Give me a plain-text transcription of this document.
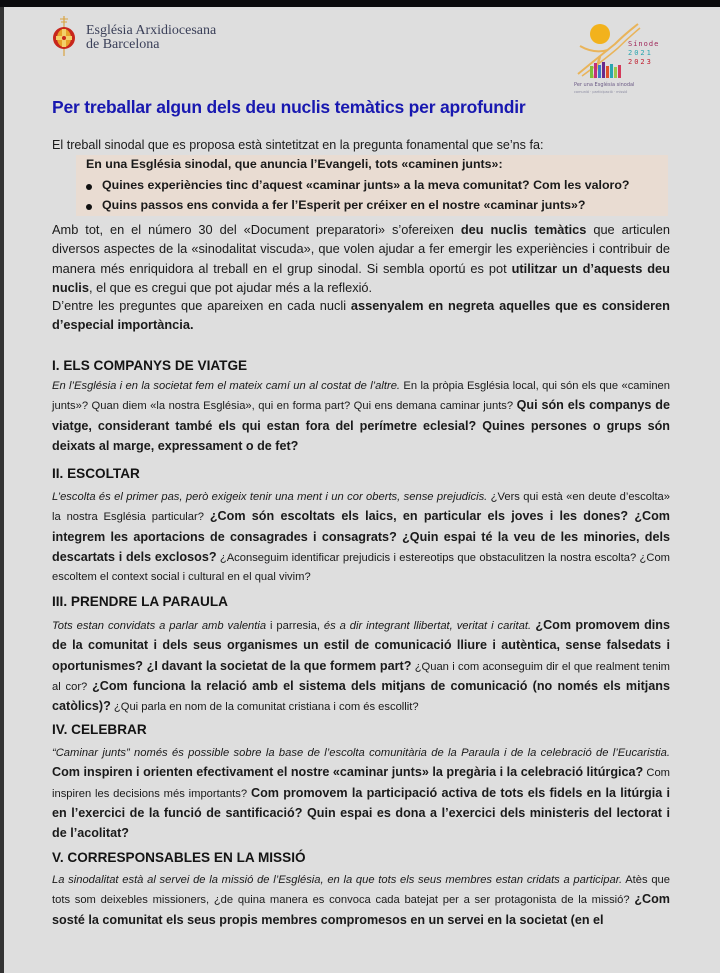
Església Arxidiocesana
de Barcelona	Sínode
2021
2023
Per una Església sinodal
comunió · participació · missió
Per treballar algun dels deu nuclis temàtics per aprofundir
El treball sinodal que es proposa està sintetitzat en la pregunta fonamental que se’ns fa:
En una Església sinodal, que anuncia l’Evangeli, tots «caminen junts»:
Quines experiències tinc d’aquest «caminar junts» a la meva comunitat? Com les valoro?
Quins passos ens convida a fer l’Esperit per créixer en el nostre «caminar junts»?
Amb tot, en el número 30 del «Document preparatori» s’ofereixen deu nuclis temàtics que articulen diversos aspectes de la «sinodalitat viscuda», que volen ajudar a fer emergir les experiències i contribuir de manera més enriquidora al treball en el grup sinodal. Si sembla oportú es pot utilitzar un d’aquests deu nuclis, el que es cregui que pot ajudar més a la reflexió.
D’entre les preguntes que apareixen en cada nucli assenyalem en negreta aquelles que es consideren d’especial importància.
I. ELS COMPANYS DE VIATGE
En l’Església i en la societat fem el mateix camí un al costat de l’altre. En la pròpia Església local, qui són els que «caminen junts»? Quan diem «la nostra Església», qui en forma part? Qui ens demana caminar junts? Qui són els companys de viatge, considerant també els qui estan fora del perímetre eclesial? Quines persones o grups són deixats al marge, expressament o de fet?
II. ESCOLTAR
L’escolta és el primer pas, però exigeix tenir una ment i un cor oberts, sense prejudicis. ¿Vers qui està «en deute d’escolta» la nostra Església particular? ¿Com són escoltats els laics, en particular els joves i les dones? ¿Com integrem les aportacions de consagrades i consagrats? ¿Quin espai té la veu de les minories, dels descartats i dels exclosos? ¿Aconseguim identificar prejudicis i estereotips que obstaculitzen la nostra escolta? ¿Com escoltem el context social i cultural en el qual vivim?
III. PRENDRE LA PARAULA
Tots estan convidats a parlar amb valentia i parresia, és a dir integrant llibertat, veritat i caritat. ¿Com promovem dins de la comunitat i dels seus organismes un estil de comunicació lliure i autèntica, sense falsedats i oportunismes? ¿I davant la societat de la que formem part? ¿Quan i com aconseguim dir el que realment tenim al cor? ¿Com funciona la relació amb el sistema dels mitjans de comunicació (no només els mitjans catòlics)? ¿Qui parla en nom de la comunitat cristiana i com és escollit?
IV. CELEBRAR
“Caminar junts” només és possible sobre la base de l’escolta comunitària de la Paraula i de la celebració de l’Eucaristia. Com inspiren i orienten efectivament el nostre «caminar junts» la pregària i la celebració litúrgica? Com inspiren les decisions més importants? Com promovem la participació activa de tots els fidels en la litúrgia i en l’exercici de la funció de santificació? Quin espai es dona a l’exercici dels ministeris del lectorat i de l’acolitat?
V. CORRESPONSABLES EN LA MISSIÓ
La sinodalitat està al servei de la missió de l’Església, en la que tots els seus membres estan cridats a participar. Atès que tots som deixebles missioners, ¿de quina manera es convoca cada batejat per a ser protagonista de la missió? ¿Com sosté la comunitat els seus propis membres compromesos en un servei en la societat (en el
